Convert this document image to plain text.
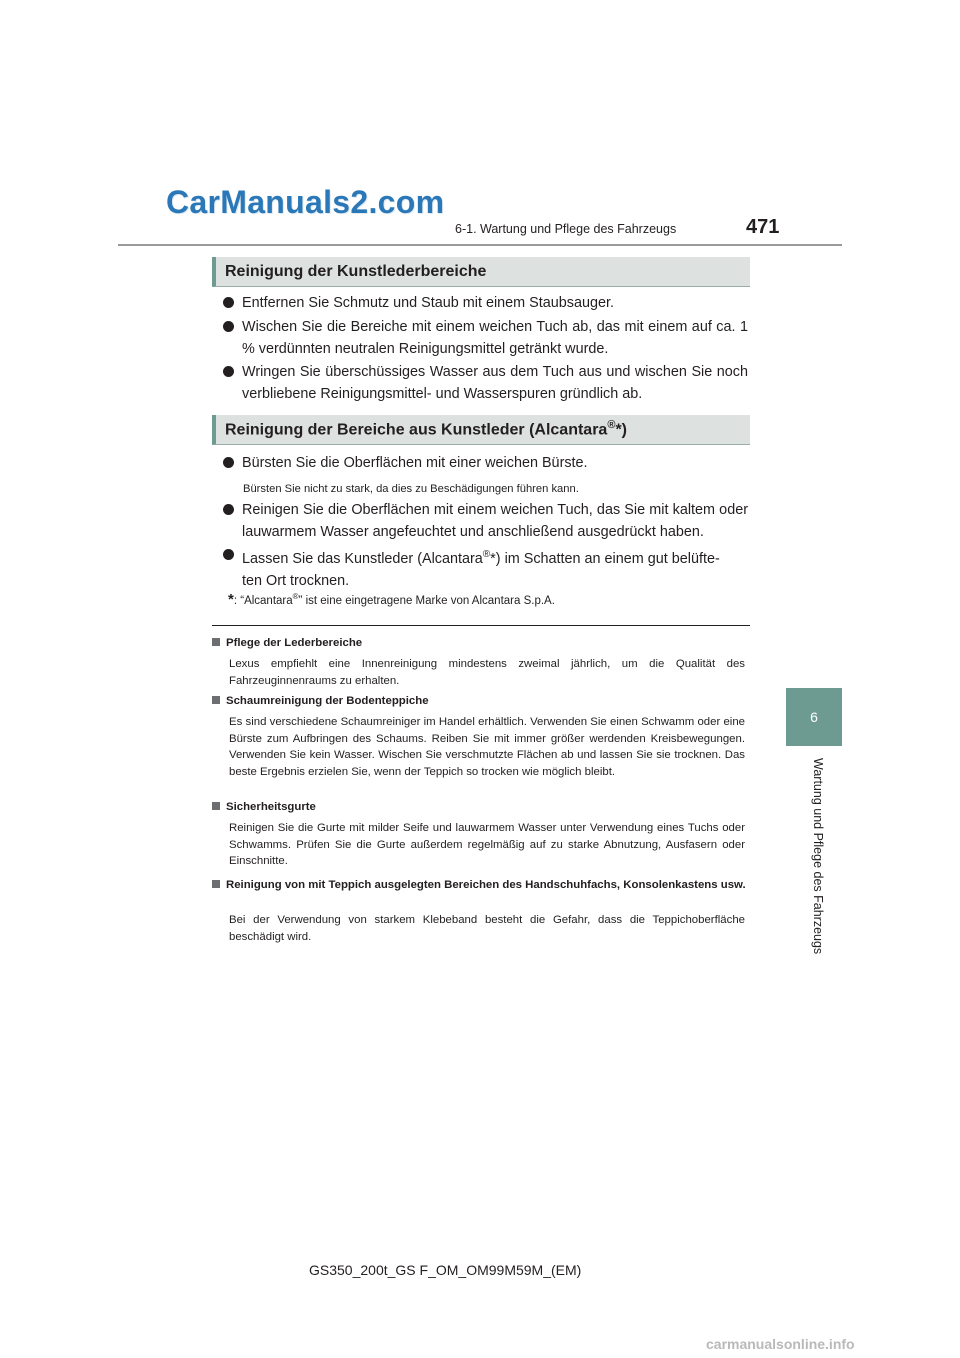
CarManuals2.com
6-1. Wartung und Pflege des Fahrzeugs	471
6
Wartung und Pflege des Fahrzeugs
Reinigung der Kunstlederbereiche
Entfernen Sie Schmutz und Staub mit einem Staubsauger.
Wischen Sie die Bereiche mit einem weichen Tuch ab, das mit einem auf ca. 1 % verdünnten neutralen Reinigungsmittel getränkt wurde.
Wringen Sie überschüssiges Wasser aus dem Tuch aus und wischen Sie noch verbliebene Reinigungsmittel- und Wasserspuren gründlich ab.
Reinigung der Bereiche aus Kunstleder (Alcantara®*)
Bürsten Sie die Oberflächen mit einer weichen Bürste.
Bürsten Sie nicht zu stark, da dies zu Beschädigungen führen kann.
Reinigen Sie die Oberflächen mit einem weichen Tuch, das Sie mit kaltem oder lauwarmem Wasser angefeuchtet und anschließend ausgedrückt haben.
Lassen Sie das Kunstleder (Alcantara®*) im Schatten an einem gut belüfte-
ten Ort trocknen.
*: “Alcantara®” ist eine eingetragene Marke von Alcantara S.p.A.
Pflege der Lederbereiche
Lexus empfiehlt eine Innenreinigung mindestens zweimal jährlich, um die Qualität des Fahrzeuginnenraums zu erhalten.
Schaumreinigung der Bodenteppiche
Es sind verschiedene Schaumreiniger im Handel erhältlich. Verwenden Sie einen Schwamm oder eine Bürste zum Aufbringen des Schaums. Reiben Sie mit immer größer werdenden Kreisbewegungen. Verwenden Sie kein Wasser. Wischen Sie verschmutzte Flächen ab und lassen Sie sie trocknen. Das beste Ergebnis erzielen Sie, wenn der Teppich so trocken wie möglich bleibt.
Sicherheitsgurte
Reinigen Sie die Gurte mit milder Seife und lauwarmem Wasser unter Verwendung eines Tuchs oder Schwamms. Prüfen Sie die Gurte außerdem regelmäßig auf zu starke Abnutzung, Ausfasern oder Einschnitte.
Reinigung von mit Teppich ausgelegten Bereichen des Handschuhfachs, Konsolenkastens usw.
Bei der Verwendung von starkem Klebeband besteht die Gefahr, dass die Teppichoberfläche beschädigt wird.
GS350_200t_GS F_OM_OM99M59M_(EM)
carmanualsonline.info
